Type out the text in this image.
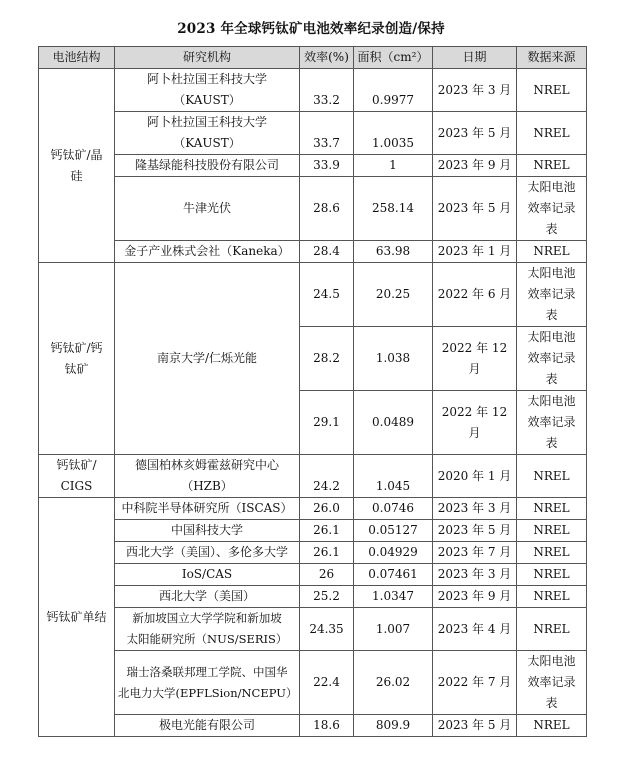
2023 年全球钙钛矿电池效率纪录创造/保持
电池结构	研究机构	效率(%)	面积（cm²）	日期	数据来源

钙钛矿/晶硅	阿卜杜拉国王科技大学
（KAUST）	33.2	0.9977	2023 年 3 月	NREL
	阿卜杜拉国王科技大学
（KAUST）	33.7	1.0035	2023 年 5 月	NREL
	隆基绿能科技股份有限公司	33.9	1	2023 年 9 月	NREL
	牛津光伏	28.6	258.14	2023 年 5 月	太阳电池效率记录表

	金子产业株式会社（Kaneka）	28.4	63.98	2023 年 1 月	NREL

钙钛矿/钙钛矿	南京大学/仁烁光能	24.5	20.25	2022 年 6 月	太阳电池效率记录表

		28.2	1.038	2022 年 12 月	太阳电池效率记录表

		29.1	0.0489	2022 年 12 月	太阳电池效率记录表

钙钛矿/CIGS	德国柏林亥姆霍兹研究中心
（HZB）	24.2	1.045	2020 年 1 月	NREL
钙钛矿单结	中科院半导体研究所（ISCAS）	26.0	0.0746	2023 年 3 月	NREL
	中国科技大学	26.1	0.05127	2023 年 5 月	NREL
	西北大学（美国）、多伦多大学	26.1	0.04929	2023 年 7 月	NREL
	IoS/CAS	26	0.07461	2023 年 3 月	NREL
	西北大学（美国）	25.2	1.0347	2023 年 9 月	NREL
	新加坡国立大学学院和新加坡
太阳能研究所（NUS/SERIS）	24.35	1.007	2023 年 4 月	NREL
	瑞士洛桑联邦理工学院、中国华
北电力大学(EPFLSion/NCEPU）	22.4	26.02	2022 年 7 月	太阳电池效率记录表

	极电光能有限公司	18.6	809.9	2023 年 5 月	NREL
